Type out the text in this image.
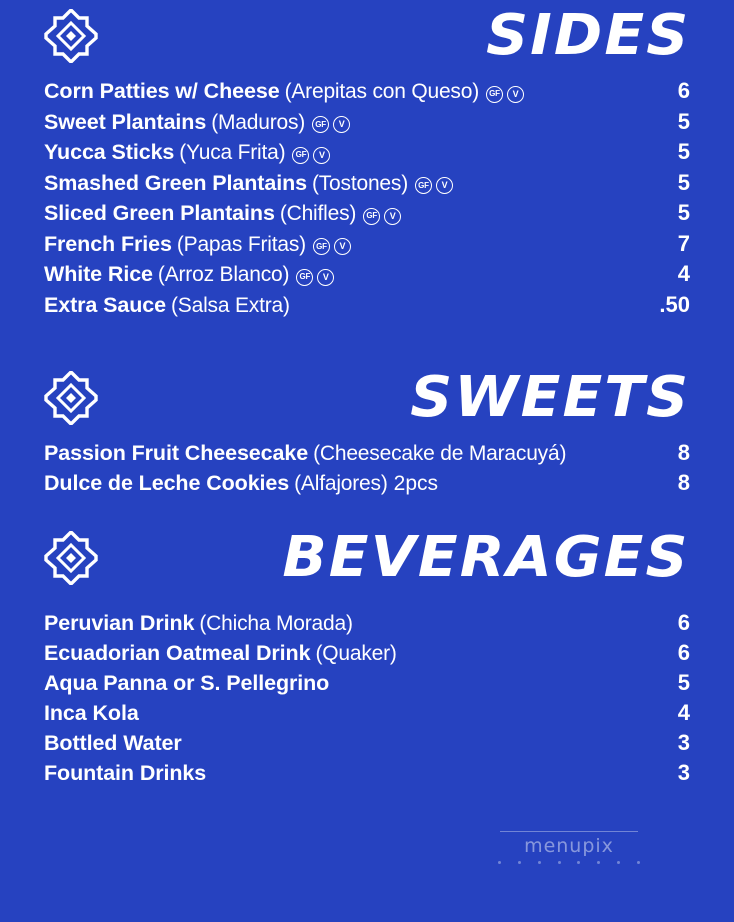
SIDES
Corn Patties w/ Cheese (Arepitas con Queso)	GF	V	6
Sweet Plantains (Maduros)	GF	V	5
Yucca Sticks (Yuca Frita)	GF	V	5
Smashed Green Plantains (Tostones)	GF	V	5
Sliced Green Plantains (Chifles)	GF	V	5
French Fries (Papas Fritas)	GF	V	7
White Rice (Arroz Blanco)	GF	V	4
Extra Sauce (Salsa Extra)	.50
SWEETS
Passion Fruit Cheesecake (Cheesecake de Maracuyá)	8
Dulce de Leche Cookies (Alfajores) 2pcs	8
BEVERAGES
Peruvian Drink (Chicha Morada)	6
Ecuadorian Oatmeal Drink (Quaker)	6
Aqua Panna or S. Pellegrino	5
Inca Kola	4
Bottled Water	3
Fountain Drinks	3
menupix
